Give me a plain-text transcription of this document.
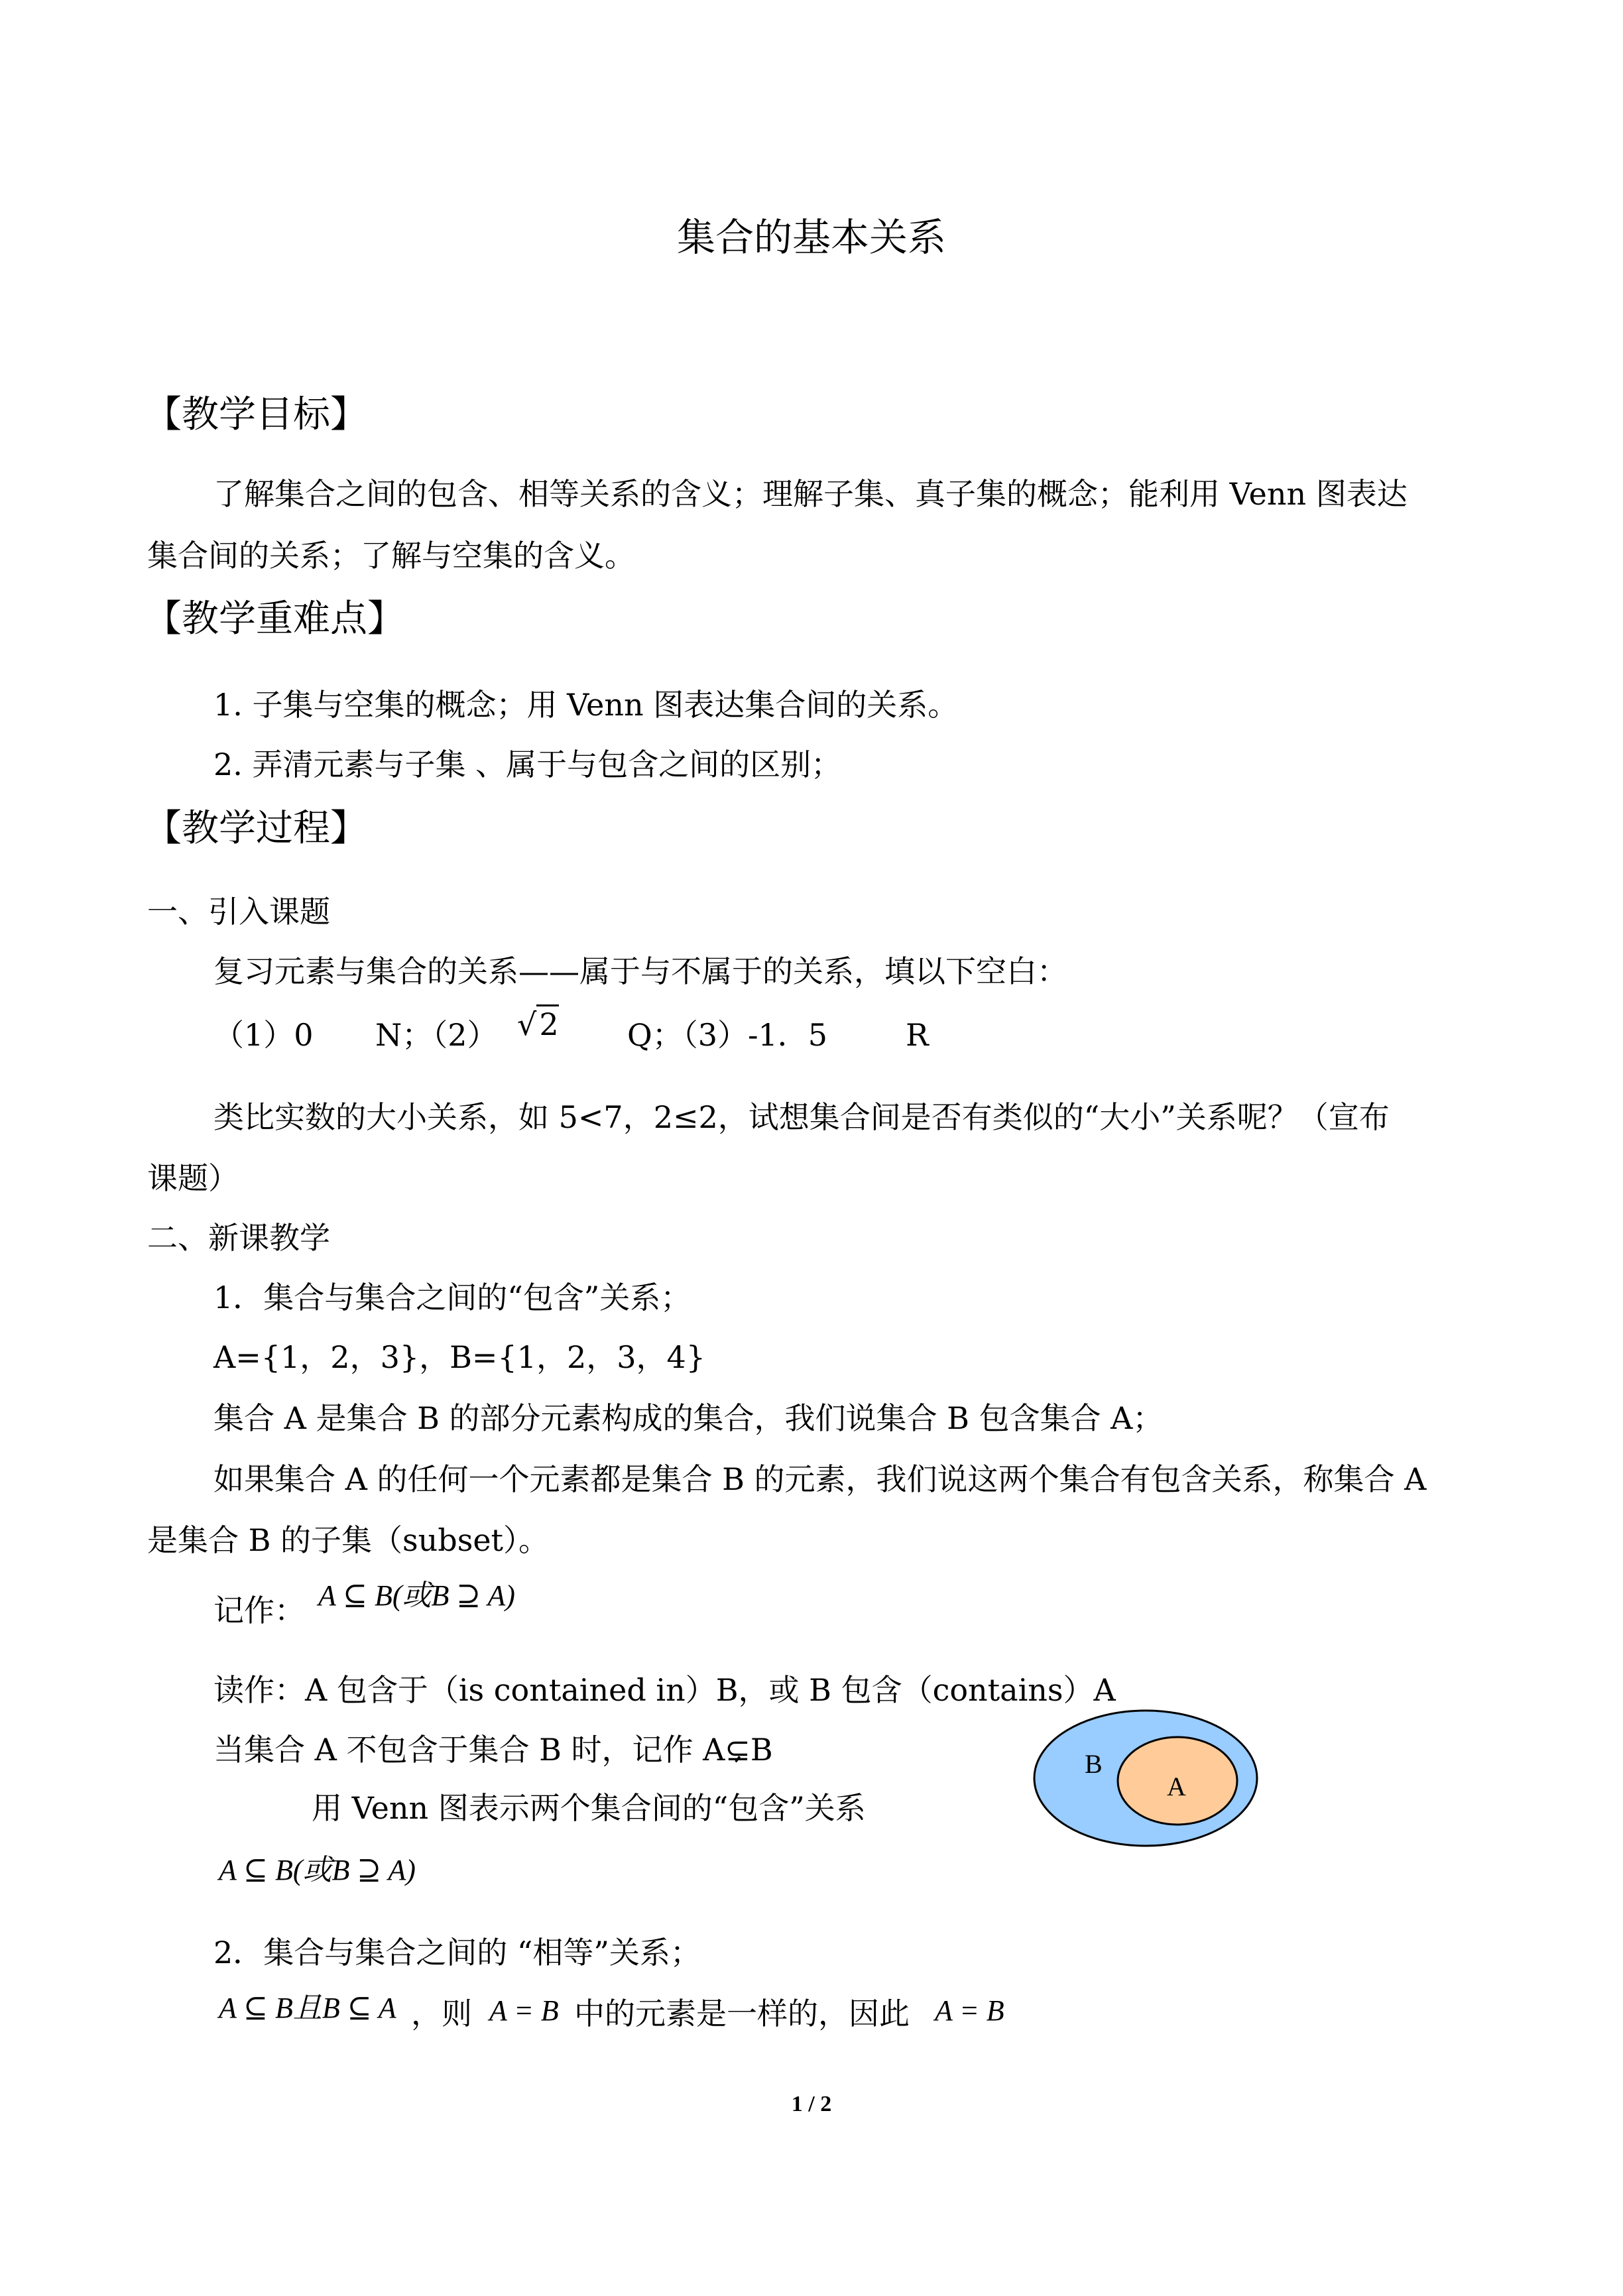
集合的基本关系
【教学目标】
了解集合之间的包含、相等关系的含义；理解子集、真子集的概念；能利用 Venn 图表达
集合间的关系；了解与空集的含义。
【教学重难点】
1. 子集与空集的概念；用 Venn 图表达集合间的关系。
2. 弄清元素与子集 、属于与包含之间的区别；
【教学过程】
一、引入课题
复习元素与集合的关系——属于与不属于的关系，填以下空白：
（1）0 N；（2） √2 Q；（3）-1．5	R
类比实数的大小关系，如 5<7，2≤2，试想集合间是否有类似的“大小”关系呢？（宣布
课题）
二、新课教学
1．集合与集合之间的“包含”关系；
A={1，2，3}，B={1，2，3，4}
集合 A 是集合 B 的部分元素构成的集合，我们说集合 B 包含集合 A；
如果集合 A 的任何一个元素都是集合 B 的元素，我们说这两个集合有包含关系，称集合 A
是集合 B 的子集（subset）。
记作： A ⊆ B(或B ⊇ A)
读作：A 包含于（is contained in）B，或 B 包含（contains）A
当集合 A 不包含于集合 B 时，记作 A⊊B
用 Venn 图表示两个集合间的“包含”关系
B
A
A ⊆ B(或B ⊇ A)
2．集合与集合之间的 “相等”关系；
A ⊆ B且B ⊆ A ，则 A = B 中的元素是一样的，因此 A = B
1 / 2
